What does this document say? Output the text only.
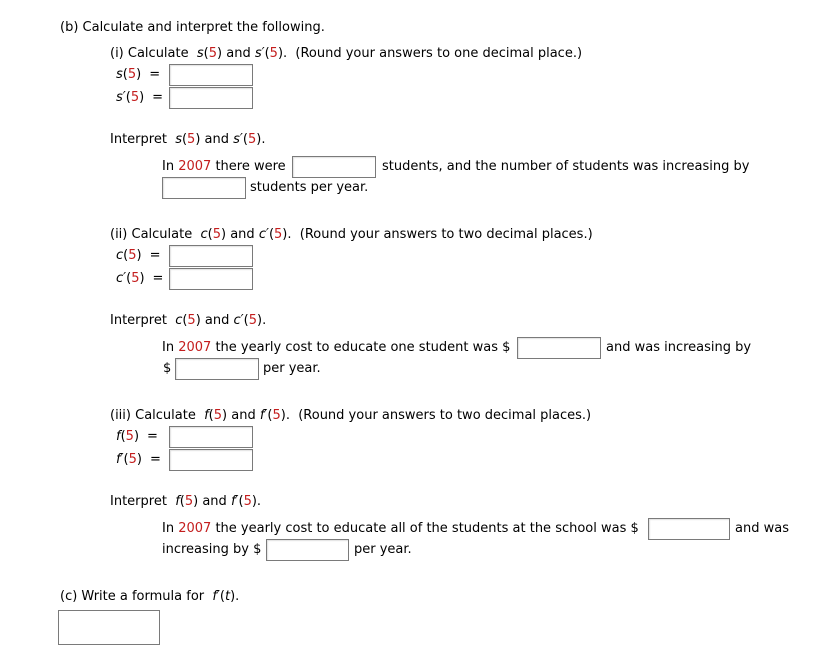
(b) Calculate and interpret the following.
(i) Calculate s(5) and s′(5).  (Round your answers to one decimal place.)
s(5) =
s′(5) =
Interpret s(5) and s′(5).
In 2007 there were	students, and the number of students was increasing by
students per year.
(ii) Calculate c(5) and c′(5).  (Round your answers to two decimal places.)
c(5) =
c′(5) =
Interpret c(5) and c′(5).
In 2007 the yearly cost to educate one student was $	and was increasing by
$	per year.
(iii) Calculate f(5) and f′(5).  (Round your answers to two decimal places.)
f(5) =
f′(5) =
Interpret f(5) and f′(5).
In 2007 the yearly cost to educate all of the students at the school was $	and was
increasing by $	per year.
(c) Write a formula for f′(t).
